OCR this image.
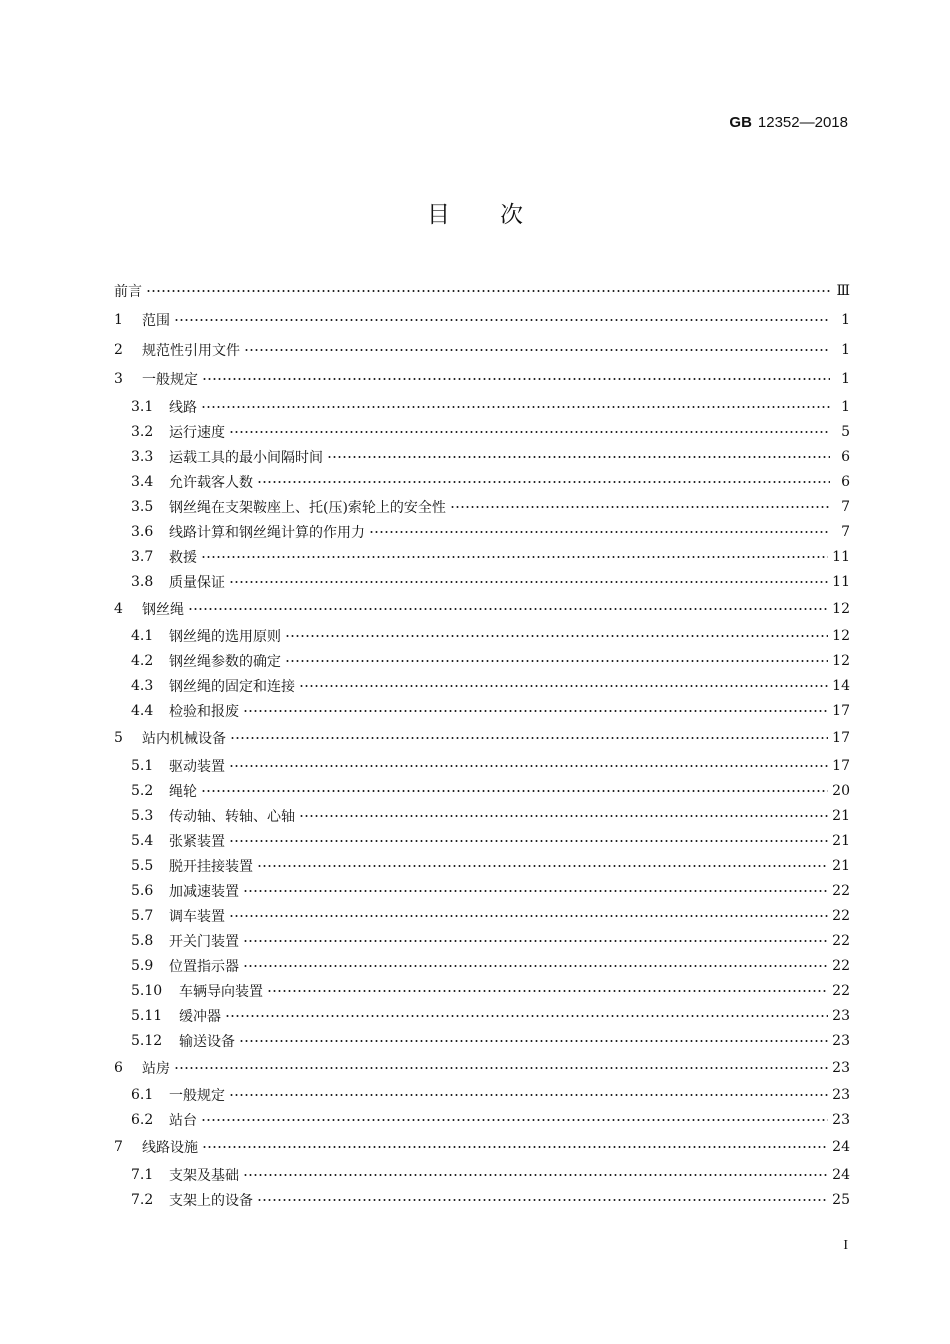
GB 12352—2018
目次
前言	Ⅲ
1	范围	1
2	规范性引用文件	1
3	一般规定	1
3.1	线路	1
3.2	运行速度	5
3.3	运载工具的最小间隔时间	6
3.4	允许载客人数	6
3.5	钢丝绳在支架鞍座上、托(压)索轮上的安全性	7
3.6	线路计算和钢丝绳计算的作用力	7
3.7	救援	11
3.8	质量保证	11
4	钢丝绳	12
4.1	钢丝绳的选用原则	12
4.2	钢丝绳参数的确定	12
4.3	钢丝绳的固定和连接	14
4.4	检验和报废	17
5	站内机械设备	17
5.1	驱动装置	17
5.2	绳轮	20
5.3	传动轴、转轴、心轴	21
5.4	张紧装置	21
5.5	脱开挂接装置	21
5.6	加减速装置	22
5.7	调车装置	22
5.8	开关门装置	22
5.9	位置指示器	22
5.10	车辆导向装置	22
5.11	缓冲器	23
5.12	输送设备	23
6	站房	23
6.1	一般规定	23
6.2	站台	23
7	线路设施	24
7.1	支架及基础	24
7.2	支架上的设备	25
I
